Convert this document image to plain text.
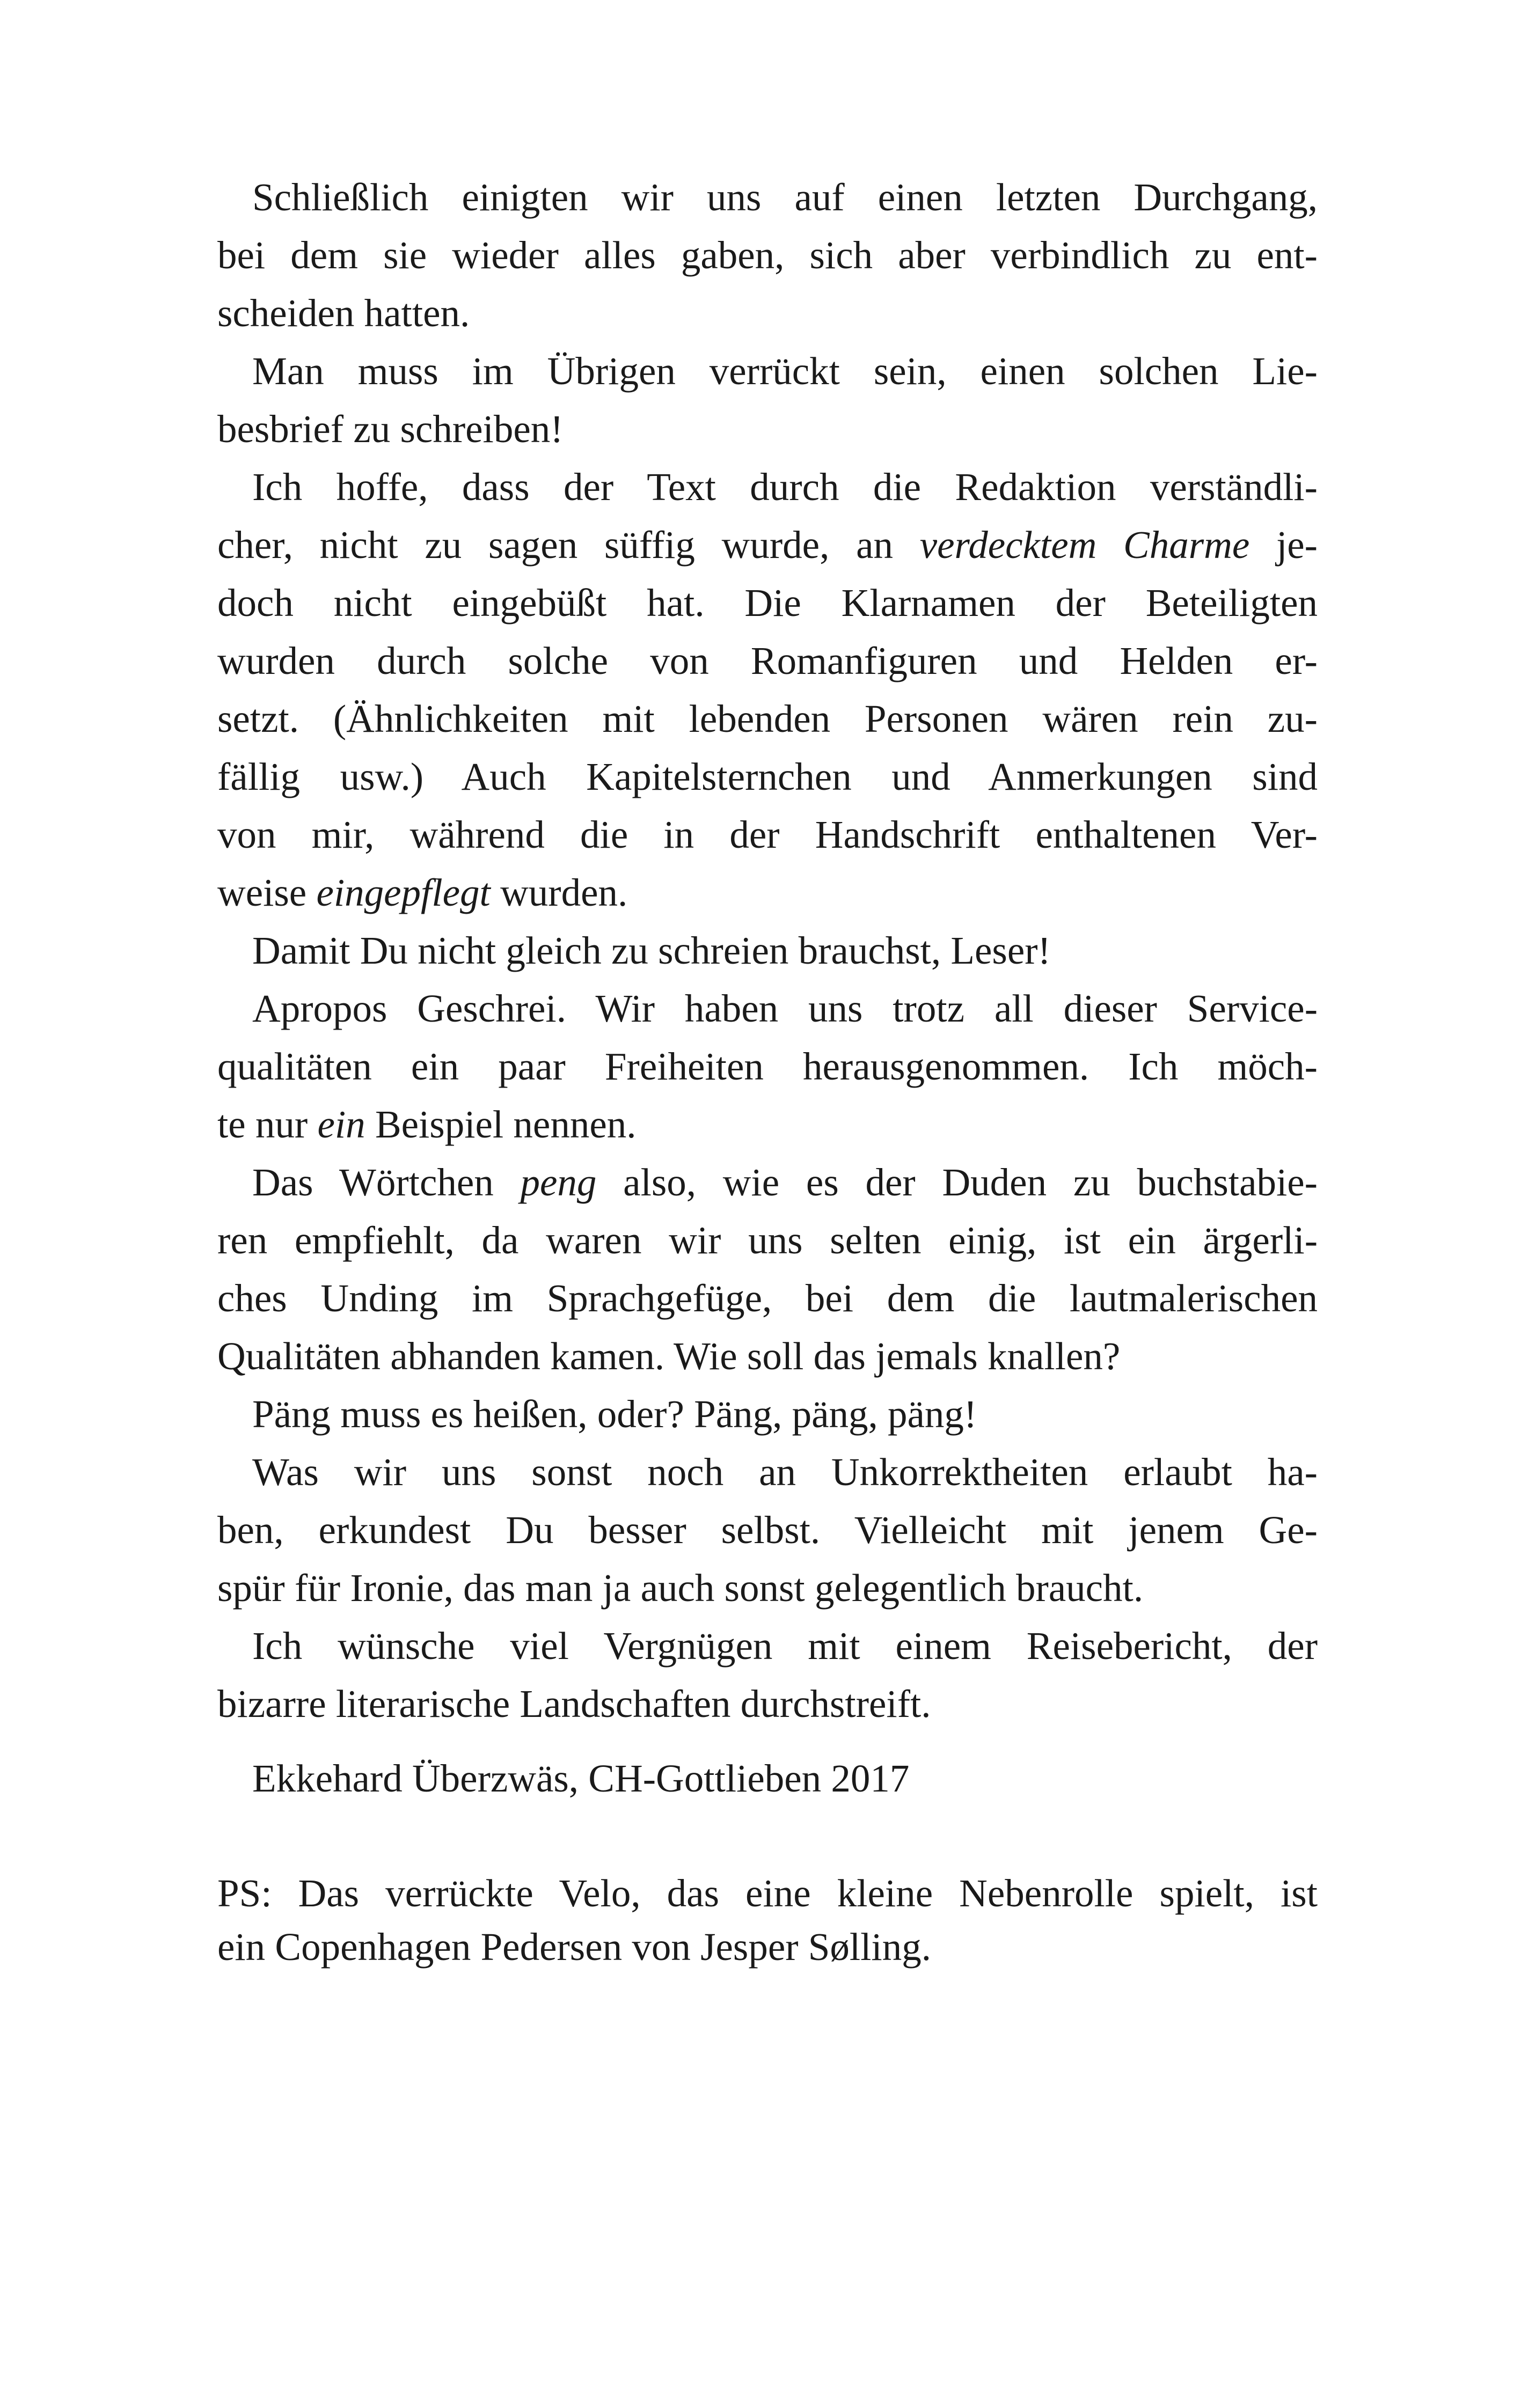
Schließlich einigten wir uns auf einen letzten Durchgang,
bei dem sie wieder alles gaben, sich aber verbindlich zu ent-
scheiden hatten.
Man muss im Übrigen verrückt sein, einen solchen Lie-
besbrief zu schreiben!
Ich hoffe, dass der Text durch die Redaktion verständli-
cher, nicht zu sagen süffig wurde, an verdecktem Charme je-
doch nicht eingebüßt hat. Die Klarnamen der Beteiligten
wurden durch solche von Romanfiguren und Helden er-
setzt. (Ähnlichkeiten mit lebenden Personen wären rein zu-
fällig usw.) Auch Kapitelsternchen und Anmerkungen sind
von mir, während die in der Handschrift enthaltenen Ver-
weise eingepflegt wurden.
Damit Du nicht gleich zu schreien brauchst, Leser!
Apropos Geschrei. Wir haben uns trotz all dieser Service-
qualitäten ein paar Freiheiten herausgenommen. Ich möch-
te nur ein Beispiel nennen.
Das Wörtchen peng also, wie es der Duden zu buchstabie-
ren empfiehlt, da waren wir uns selten einig, ist ein ärgerli-
ches Unding im Sprachgefüge, bei dem die lautmalerischen
Qualitäten abhanden kamen. Wie soll das jemals knallen?
Päng muss es heißen, oder? Päng, päng, päng!
Was wir uns sonst noch an Unkorrektheiten erlaubt ha-
ben, erkundest Du besser selbst. Vielleicht mit jenem Ge-
spür für Ironie, das man ja auch sonst gelegentlich braucht.
Ich wünsche viel Vergnügen mit einem Reisebericht, der
bizarre literarische Landschaften durchstreift.
Ekkehard Überzwäs, CH-Gottlieben 2017
PS: Das verrückte Velo, das eine kleine Nebenrolle spielt, ist
ein Copenhagen Pedersen von Jesper Sølling.
